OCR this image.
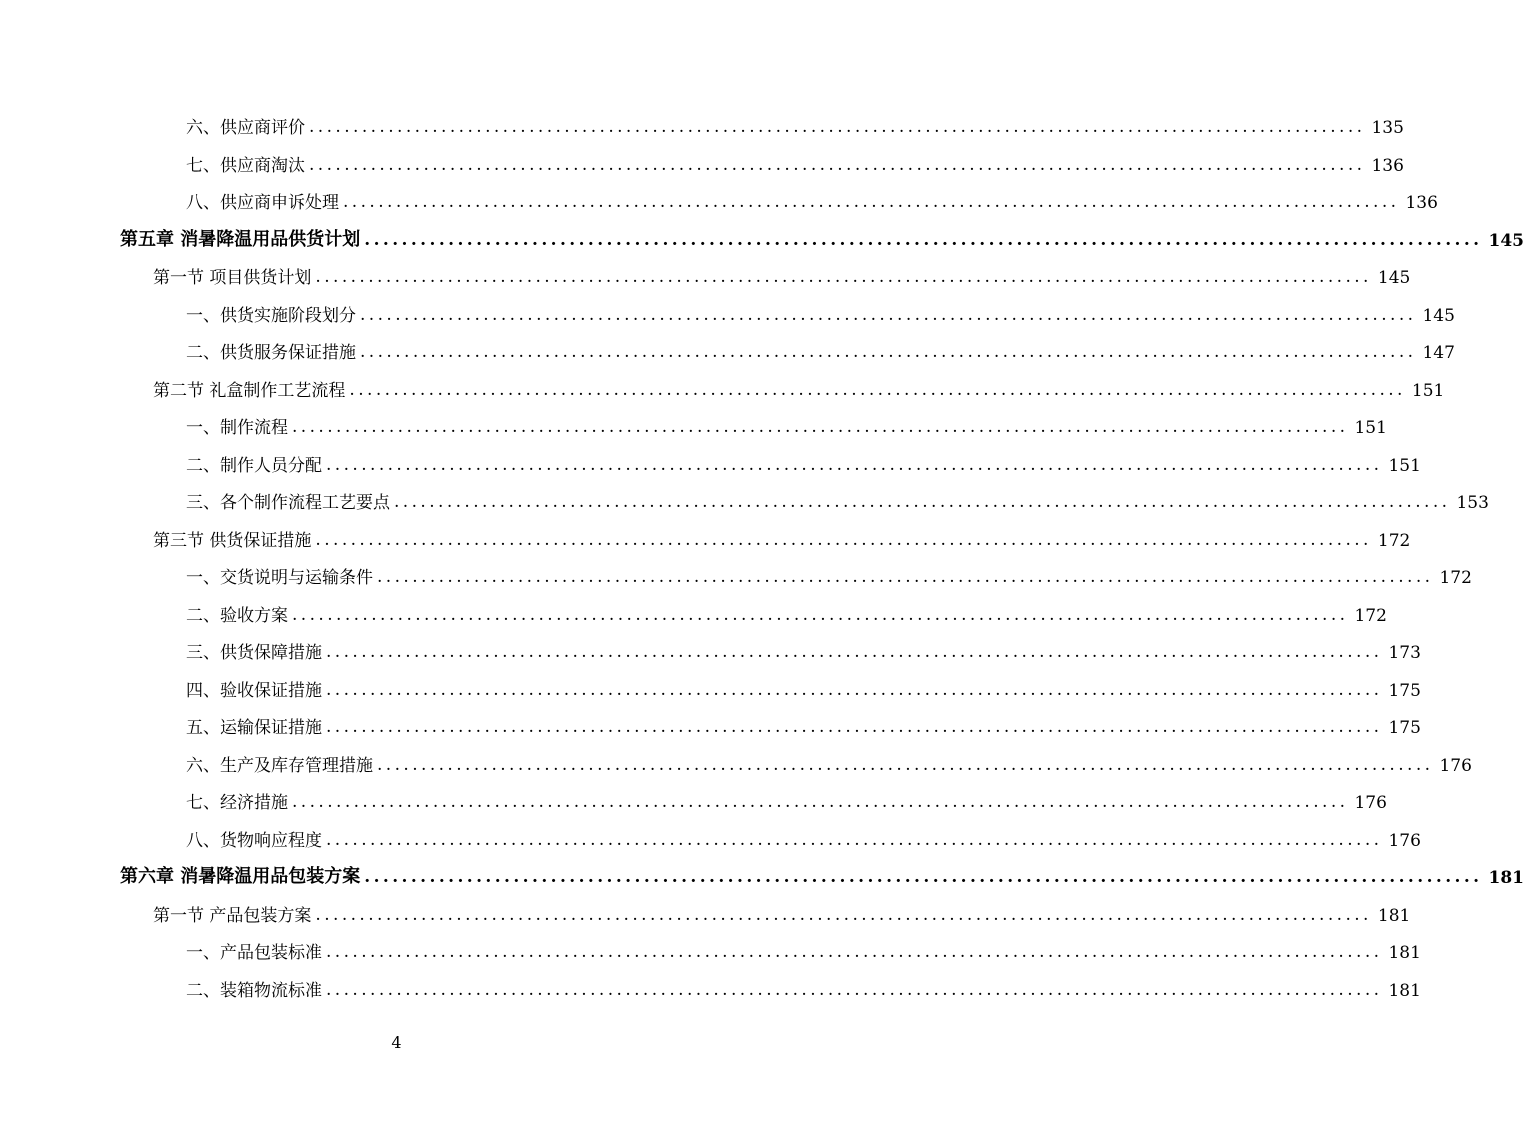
六、供应商评价 ........................................................................................................................ 135
七、供应商淘汰 ........................................................................................................................ 136
八、供应商申诉处理 ........................................................................................................................ 136
第五章 消暑降温用品供货计划 ........................................................................................................................ 145
第一节 项目供货计划 ........................................................................................................................ 145
一、供货实施阶段划分 ........................................................................................................................ 145
二、供货服务保证措施 ........................................................................................................................ 147
第二节 礼盒制作工艺流程 ........................................................................................................................ 151
一、制作流程 ........................................................................................................................ 151
二、制作人员分配 ........................................................................................................................ 151
三、各个制作流程工艺要点 ........................................................................................................................ 153
第三节 供货保证措施 ........................................................................................................................ 172
一、交货说明与运输条件 ........................................................................................................................ 172
二、验收方案 ........................................................................................................................ 172
三、供货保障措施 ........................................................................................................................ 173
四、验收保证措施 ........................................................................................................................ 175
五、运输保证措施 ........................................................................................................................ 175
六、生产及库存管理措施 ........................................................................................................................ 176
七、经济措施 ........................................................................................................................ 176
八、货物响应程度 ........................................................................................................................ 176
第六章 消暑降温用品包装方案 ........................................................................................................................ 181
第一节 产品包装方案 ........................................................................................................................ 181
一、产品包装标准 ........................................................................................................................ 181
二、装箱物流标准 ........................................................................................................................ 181
4
